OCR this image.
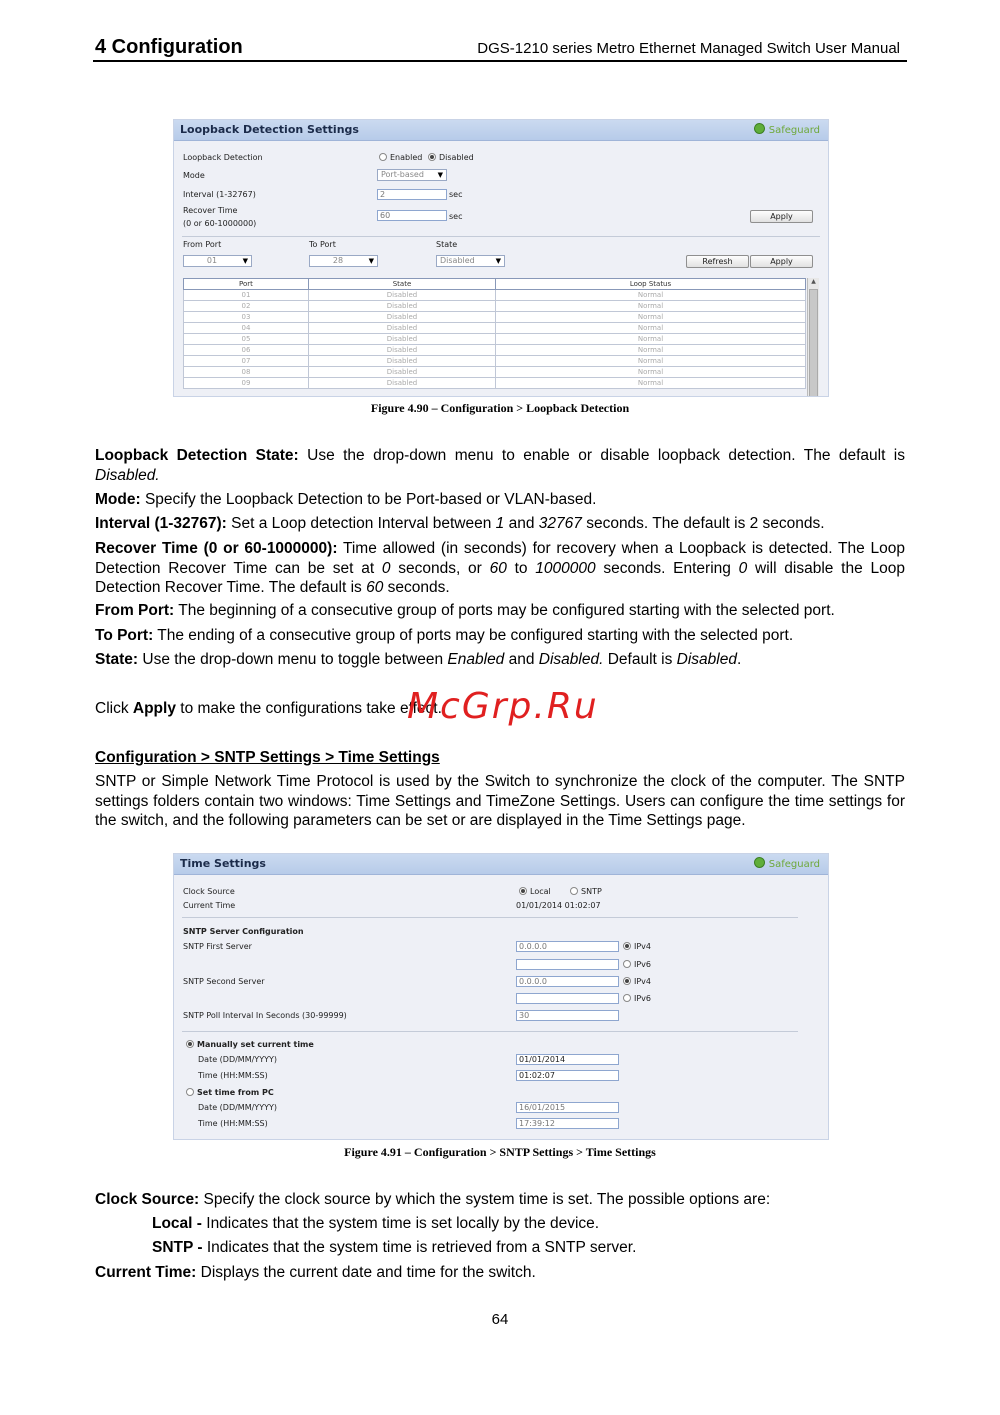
4 Configuration	DGS-1210 series Metro Ethernet Managed Switch User Manual
Loopback Detection Settings	Safeguard
Loopback Detection	Enabled	Disabled
Mode	Port-based ▼
Interval (1-32767)	2	sec
Recover Time
(0 or 60-1000000)
60	sec	Apply
From Port	To Port	State
01	▼	28	▼	Disabled	▼	Refresh	Apply
Port	State	Loop Status
01	Disabled	Normal
02	Disabled	Normal
03	Disabled	Normal
04	Disabled	Normal
05	Disabled	Normal
06	Disabled	Normal
07	Disabled	Normal
08	Disabled	Normal
09	Disabled	Normal
▲
Figure 4.90 – Configuration > Loopback Detection
Loopback Detection State: Use the drop-down menu to enable or disable loopback detection. The default is Disabled.
Mode: Specify the Loopback Detection to be Port-based or VLAN-based.
Interval (1-32767): Set a Loop detection Interval between 1 and 32767 seconds. The default is 2 seconds.
Recover Time (0 or 60-1000000): Time allowed (in seconds) for recovery when a Loopback is detected. The Loop Detection Recover Time can be set at 0 seconds, or 60 to 1000000 seconds. Entering 0 will disable the Loop Detection Recover Time. The default is 60 seconds.
From Port: The beginning of a consecutive group of ports may be configured starting with the selected port.
To Port: The ending of a consecutive group of ports may be configured starting with the selected port.
State: Use the drop-down menu to toggle between Enabled and Disabled. Default is Disabled.
Click Apply to make the configurations take effect.
McGrp.Ru
Configuration > SNTP Settings > Time Settings
SNTP or Simple Network Time Protocol is used by the Switch to synchronize the clock of the computer. The SNTP settings folders contain two windows: Time Settings and TimeZone Settings. Users can configure the time settings for the switch, and the following parameters can be set or are displayed in the Time Settings page.
Time Settings	Safeguard
Clock Source	Local	SNTP
Current Time	01/01/2014 01:02:07
SNTP Server Configuration
SNTP First Server	0.0.0.0	IPv4
IPv6
SNTP Second Server	0.0.0.0	IPv4
IPv6
SNTP Poll Interval In Seconds (30-99999)	30
Manually set current time
Date (DD/MM/YYYY)	01/01/2014
Time (HH:MM:SS)	01:02:07
Set time from PC
Date (DD/MM/YYYY)	16/01/2015
Time (HH:MM:SS)	17:39:12
Figure 4.91 – Configuration > SNTP Settings > Time Settings
Clock Source: Specify the clock source by which the system time is set. The possible options are:
Local - Indicates that the system time is set locally by the device.
SNTP - Indicates that the system time is retrieved from a SNTP server.
Current Time: Displays the current date and time for the switch.
64
